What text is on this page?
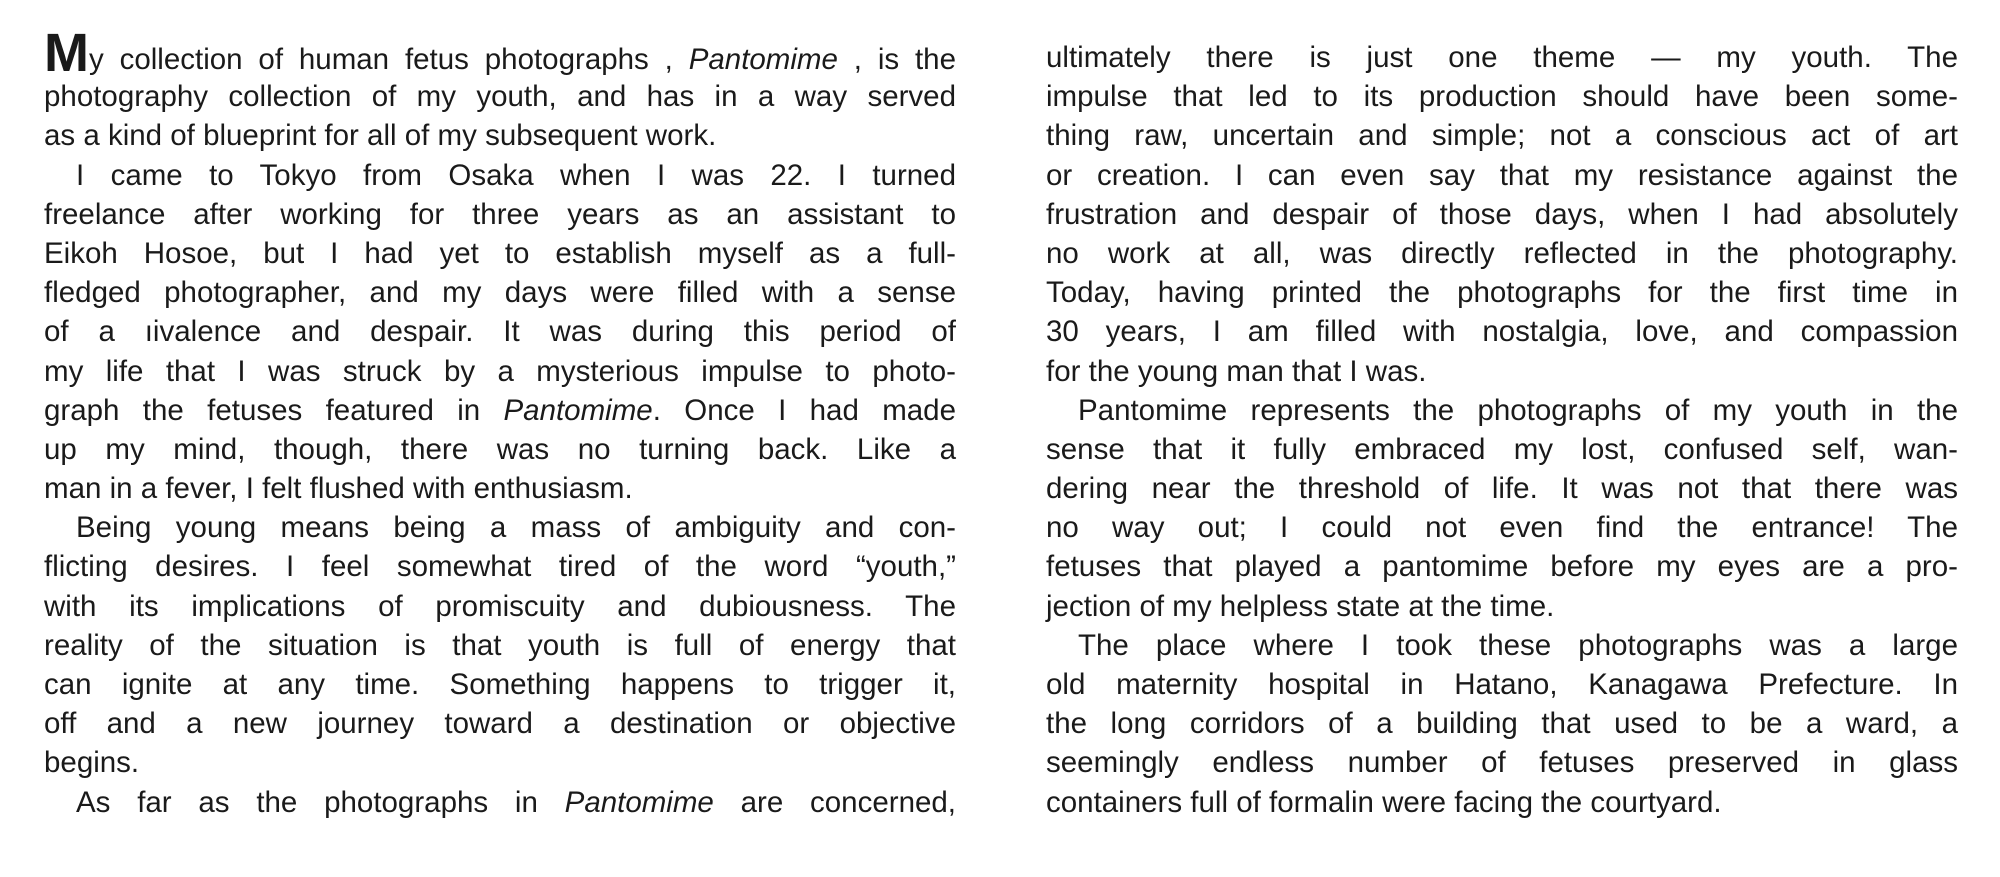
My collection of human fetus photographs , Pantomime , is the
photography collection of my youth, and has in a way served
as a kind of blueprint for all of my subsequent work.
I came to Tokyo from Osaka when I was 22. I turned
freelance after working for three years as an assistant to
Eikoh Hosoe, but I had yet to establish myself as a full-
fledged photographer, and my days were filled with a sense
of a​ ıivalence and despair. It was during this period of
my life that I was struck by a mysterious impulse to photo-
graph the fetuses featured in Pantomime. Once I had made
up my mind, though, there was no turning back. Like a
man in a fever, I felt flushed with enthusiasm.
Being young means being a mass of ambiguity and con-
flicting desires. I feel somewhat tired of the word “youth,”
with its implications of promiscuity and dubiousness. The
reality of the situation is that youth is full of energy that
can ignite at any time. Something happens to trigger it,
off and a new journey toward a destination or objective
begins.
As far as the photographs in Pantomime are concerned,
ultimately there is just one theme — my youth. The
impulse that led to its production should have been some-
thing raw, uncertain and simple; not a conscious act of art
or creation. I can even say that my resistance against the
frustration and despair of those days, when I had absolutely
no work at all, was directly reflected in the photography.
Today, having printed the photographs for the first time in
30 years, I am filled with nostalgia, love, and compassion
for the young man that I was.
Pantomime represents the photographs of my youth in the
sense that it fully embraced my lost, confused self, wan-
dering near the threshold of life. It was not that there was
no way out; I could not even find the entrance! The
fetuses that played a pantomime before my eyes are a pro-
jection of my helpless state at the time.
The place where I took these photographs was a large
old maternity hospital in Hatano, Kanagawa Prefecture. In
the long corridors of a building that used to be a ward, a
seemingly endless number of fetuses preserved in glass
containers full of formalin were facing the courtyard.
